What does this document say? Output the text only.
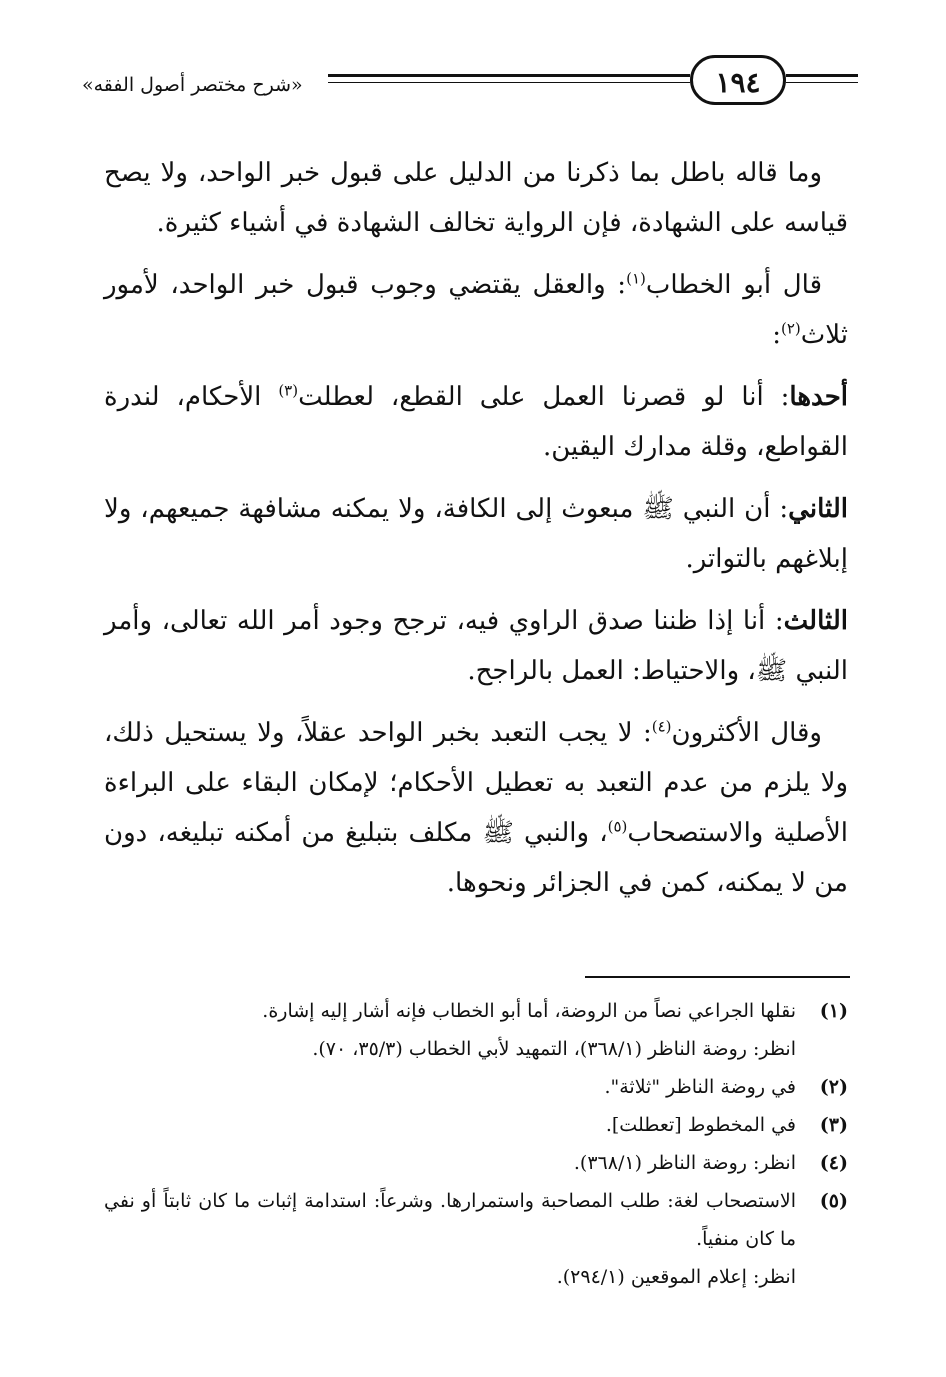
«شرح مختصر أصول الفقه»	١٩٤

وما قاله باطل بما ذكرنا من الدليل على قبول خبر الواحد، ولا يصح قياسه على الشهادة، فإن الرواية تخالف الشهادة في أشياء كثيرة.

قال أبو الخطاب$^{(١)}$: والعقل يقتضي وجوب قبول خبر الواحد، لأمور ثلاث$^{(٢)}$:

أحدها: أنا لو قصرنا العمل على القطع، لعطلت$^{(٣)}$ الأحكام، لندرة القواطع، وقلة مدارك اليقين.

الثاني: أن النبي ﷺ مبعوث إلى الكافة، ولا يمكنه مشافهة جميعهم، ولا إبلاغهم بالتواتر.

الثالث: أنا إذا ظننا صدق الراوي فيه، ترجح وجود أمر الله تعالى، وأمر النبي ﷺ، والاحتياط: العمل بالراجح.

وقال الأكثرون$^{(٤)}$: لا يجب التعبد بخبر الواحد عقلاً، ولا يستحيل ذلك، ولا يلزم من عدم التعبد به تعطيل الأحكام؛ لإمكان البقاء على البراءة الأصلية والاستصحاب$^{(٥)}$، والنبي ﷺ مكلف بتبليغ من أمكنه تبليغه، دون من لا يمكنه، كمن في الجزائر ونحوها.

(١)
نقلها الجراعي نصاً من الروضة، أما أبو الخطاب فإنه أشار إليه إشارة.
انظر: روضة الناظر (٣٦٨/١)، التمهيد لأبي الخطاب (٣٥/٣، ٧٠).
(٢)
في روضة الناظر "ثلاثة".
(٣)
في المخطوط [تعطلت].
(٤)
انظر: روضة الناظر (٣٦٨/١).
(٥)
الاستصحاب لغة: طلب المصاحبة واستمرارها. وشرعاً: استدامة إثبات ما كان ثابتاً أو نفي ما كان منفياً.
انظر: إعلام الموقعين (٢٩٤/١).
